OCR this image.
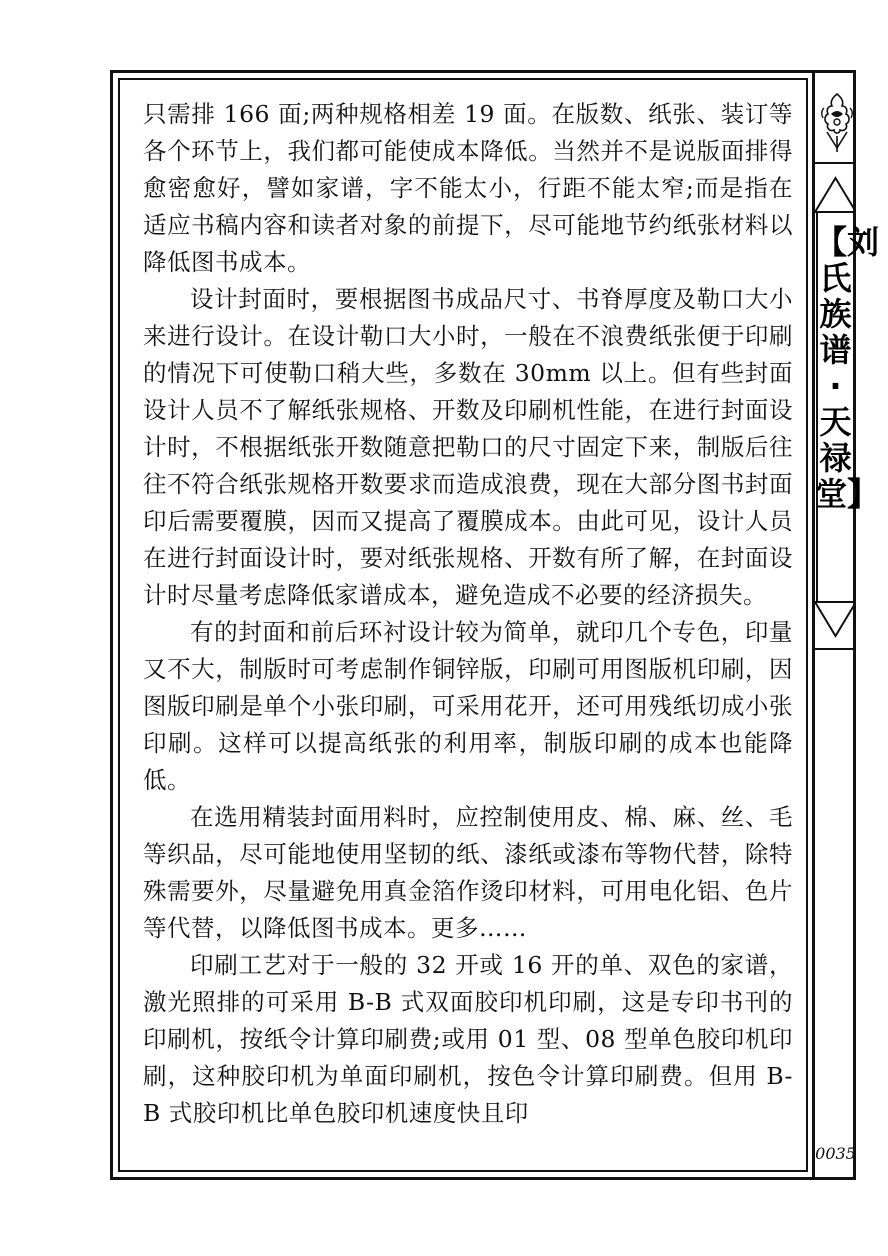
只需排 166 面;两种规格相差 19 面。在版数、纸张、装订等各个环节上，我们都可能使成本降低。当然并不是说版面排得愈密愈好，譬如家谱，字不能太小，行距不能太窄;而是指在适应书稿内容和读者对象的前提下，尽可能地节约纸张材料以降低图书成本。

设计封面时，要根据图书成品尺寸、书脊厚度及勒口大小来进行设计。在设计勒口大小时，一般在不浪费纸张便于印刷的情况下可使勒口稍大些，多数在 30mm 以上。但有些封面设计人员不了解纸张规格、开数及印刷机性能，在进行封面设计时，不根据纸张开数随意把勒口的尺寸固定下来，制版后往往不符合纸张规格开数要求而造成浪费，现在大部分图书封面印后需要覆膜，因而又提高了覆膜成本。由此可见，设计人员在进行封面设计时，要对纸张规格、开数有所了解，在封面设计时尽量考虑降低家谱成本，避免造成不必要的经济损失。

有的封面和前后环衬设计较为简单，就印几个专色，印量又不大，制版时可考虑制作铜锌版，印刷可用图版机印刷，因图版印刷是单个小张印刷，可采用花开，还可用残纸切成小张印刷。这样可以提高纸张的利用率，制版印刷的成本也能降低。

在选用精装封面用料时，应控制使用皮、棉、麻、丝、毛等织品，尽可能地使用坚韧的纸、漆纸或漆布等物代替，除特殊需要外，尽量避免用真金箔作烫印材料，可用电化铝、色片等代替，以降低图书成本。更多……

印刷工艺对于一般的 32 开或 16 开的单、双色的家谱，激光照排的可采用 B-B 式双面胶印机印刷，这是专印书刊的印刷机，按纸令计算印刷费;或用 01 型、08 型单色胶印机印刷，这种胶印机为单面印刷机，按色令计算印刷费。但用 B-B 式胶印机比单色胶印机速度快且印

【刘氏族谱·天禄堂】
0035
